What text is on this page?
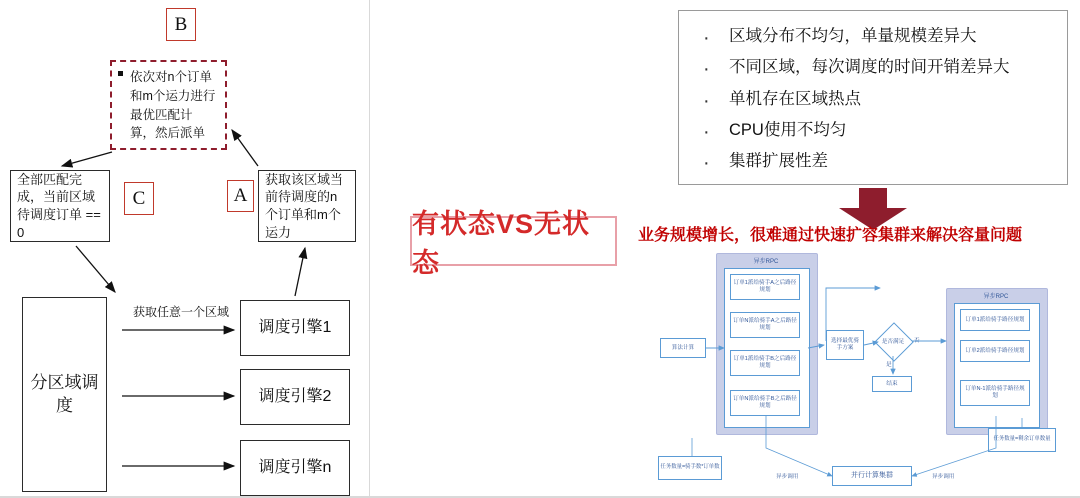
B
依次对n个订单和m个运力进行最优匹配计算，然后派单
全部匹配完成，当前区域待调度订单 == 0
C	A
获取该区域当前待调度的n个订单和m个运力
分区域调度
获取任意一个区域
调度引擎1
调度引擎2
调度引擎n
· 区域分布不均匀，单量规模差异大
· 不同区域，每次调度的时间开销差异大
· 单机存在区域热点
· CPU使用不均匀
· 集群扩展性差
有状态VS无状态
业务规模增长，很难通过快速扩容集群来解决容量问题
异步RPC
订单1派给骑手A之后路径规划
订单N派给骑手A之后路径规划
订单1派给骑手B之后路径规划
订单N派给骑手B之后路径规划
异步RPC
订单1派给骑手路径规划
订单2派给骑手路径规划
订单N-1派给骑手路径规划
算法计算
选择最优骑手方案
是否满足	否
是
结束
并行计算集群
任务数量=骑手数*订单数
任务数量=剩余订单数量
异步调用	异步调用
